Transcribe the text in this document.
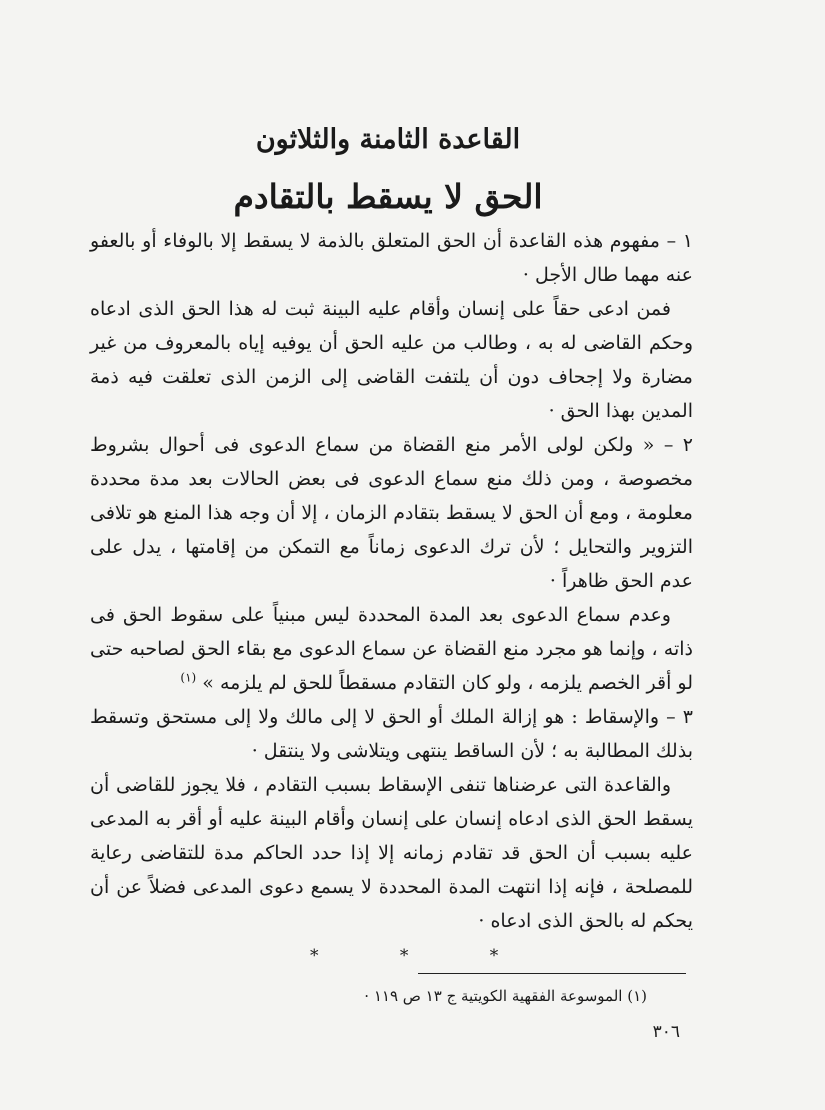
القاعدة الثامنة والثلاثون
الحق لا يسقط بالتقادم

١ – مفهوم هذه القاعدة أن الحق المتعلق بالذمة لا يسقط إلا بالوفاء أو بالعفو عنه مهما طال الأجل ·

فمن ادعى حقاً على إنسان وأقام عليه البينة ثبت له هذا الحق الذى ادعاه وحكم القاضى له به ، وطالب من عليه الحق أن يوفيه إياه بالمعروف من غير مضارة ولا إجحاف دون أن يلتفت القاضى إلى الزمن الذى تعلقت فيه ذمة المدين بهذا الحق ·

٢ – « ولكن لولى الأمر منع القضاة من سماع الدعوى فى أحوال بشروط مخصوصة ، ومن ذلك منع سماع الدعوى فى بعض الحالات بعد مدة محددة معلومة ، ومع أن الحق لا يسقط بتقادم الزمان ، إلا أن وجه هذا المنع هو تلافى التزوير والتحايل ؛ لأن ترك الدعوى زماناً مع التمكن من إقامتها ، يدل على عدم الحق ظاهراً ·

وعدم سماع الدعوى بعد المدة المحددة ليس مبنياً على سقوط الحق فى ذاته ، وإنما هو مجرد منع القضاة عن سماع الدعوى مع بقاء الحق لصاحبه حتى لو أقر الخصم يلزمه ، ولو كان التقادم مسقطاً للحق لم يلزمه » $^{(١)}$

٣ – والإسقاط : هو إزالة الملك أو الحق لا إلى مالك ولا إلى مستحق وتسقط بذلك المطالبة به ؛ لأن الساقط ينتهى ويتلاشى ولا ينتقل ·

والقاعدة التى عرضناها تنفى الإسقاط بسبب التقادم ، فلا يجوز للقاضى أن يسقط الحق الذى ادعاه إنسان على إنسان وأقام البينة عليه أو أقر به المدعى عليه بسبب أن الحق قد تقادم زمانه إلا إذا حدد الحاكم مدة للتقاضى رعاية للمصلحة ، فإنه إذا انتهت المدة المحددة لا يسمع دعوى المدعى فضلاً عن أن يحكم له بالحق الذى ادعاه ·

* * *
(١) الموسوعة الفقهية الكويتية ج ١٣ ص ١١٩ ·
٣٠٦
